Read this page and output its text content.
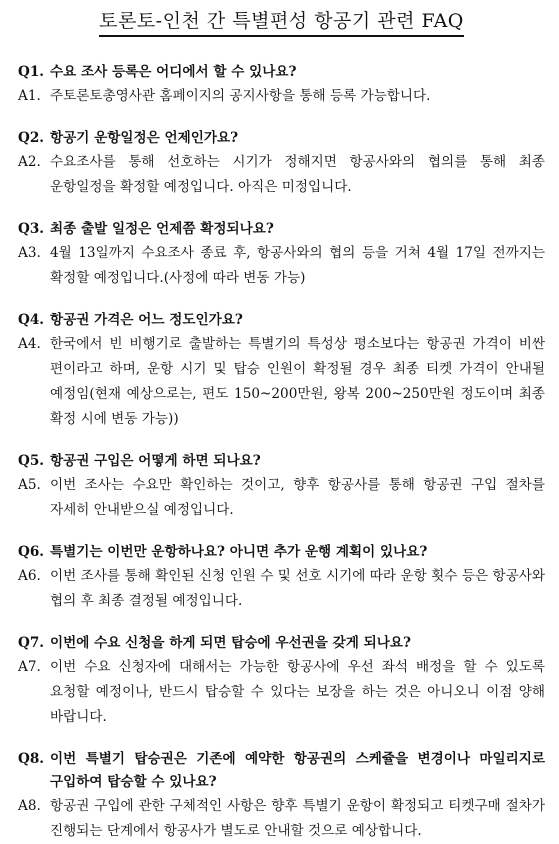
토론토-인천 간 특별편성 항공기 관련 FAQ
Q1. 수요 조사 등록은 어디에서 할 수 있나요?
A1. 주토론토총영사관 홈페이지의 공지사항을 통해 등록 가능합니다.
Q2. 항공기 운항일정은 언제인가요?
A2. 수요조사를 통해 선호하는 시기가 정해지면 항공사와의 협의를 통해 최종 운항일정을 확정할 예정입니다. 아직은 미정입니다.
Q3. 최종 출발 일정은 언제쯤 확정되나요?
A3. 4월 13일까지 수요조사 종료 후, 항공사와의 협의 등을 거쳐 4월 17일 전까지는 확정할 예정입니다.(사정에 따라 변동 가능)
Q4. 항공권 가격은 어느 정도인가요?
A4. 한국에서 빈 비행기로 출발하는 특별기의 특성상 평소보다는 항공권 가격이 비싼 편이라고 하며, 운항 시기 및 탑승 인원이 확정될 경우 최종 티켓 가격이 안내될 예정임(현재 예상으로는, 편도 150~200만원, 왕복 200~250만원 정도이며 최종 확정 시에 변동 가능))
Q5. 항공권 구입은 어떻게 하면 되나요?
A5. 이번 조사는 수요만 확인하는 것이고, 향후 항공사를 통해 항공권 구입 절차를 자세히 안내받으실 예정입니다.
Q6. 특별기는 이번만 운항하나요? 아니면 추가 운행 계획이 있나요?
A6. 이번 조사를 통해 확인된 신청 인원 수 및 선호 시기에 따라 운항 횟수 등은 항공사와 협의 후 최종 결정될 예정입니다.
Q7. 이번에 수요 신청을 하게 되면 탑승에 우선권을 갖게 되나요?
A7. 이번 수요 신청자에 대해서는 가능한 항공사에 우선 좌석 배정을 할 수 있도록 요청할 예정이나, 반드시 탑승할 수 있다는 보장을 하는 것은 아니오니 이점 양해 바랍니다.
Q8. 이번 특별기 탑승권은 기존에 예약한 항공권의 스케쥴을 변경이나 마일리지로 구입하여 탑승할 수 있나요?
A8. 항공권 구입에 관한 구체적인 사항은 향후 특별기 운항이 확정되고 티켓구매 절차가 진행되는 단계에서 항공사가 별도로 안내할 것으로 예상합니다.
